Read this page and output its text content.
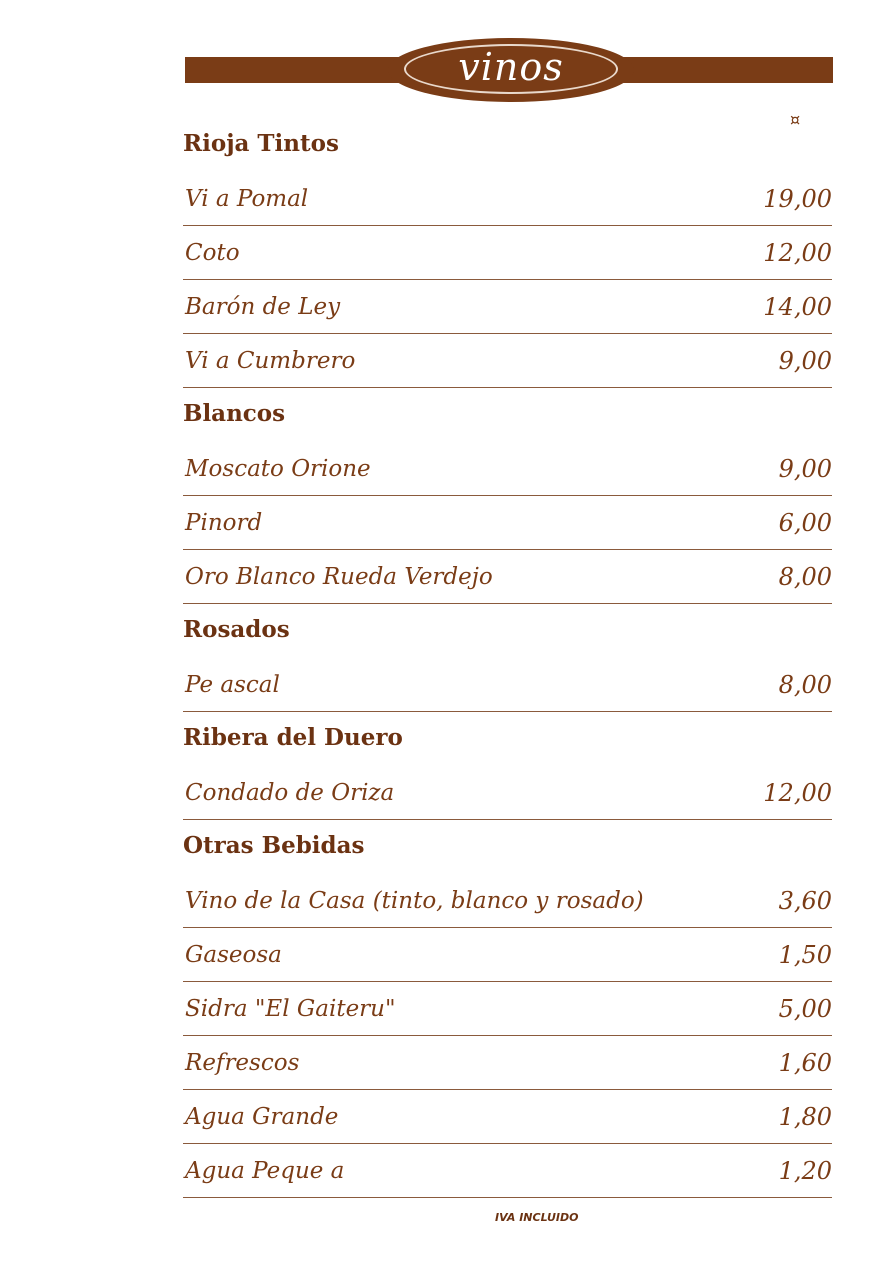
vinos
¤
Rioja Tintos
Vi a Pomal	19,00
Coto	12,00
Barón de Ley	14,00
Vi a Cumbrero	9,00
Blancos
Moscato Orione	9,00
Pinord	6,00
Oro Blanco Rueda Verdejo	8,00
Rosados
Pe ascal	8,00
Ribera del Duero
Condado de Oriza	12,00
Otras Bebidas
Vino de la Casa (tinto, blanco y rosado)	3,60
Gaseosa	1,50
Sidra "El Gaiteru"	5,00
Refrescos	1,60
Agua Grande	1,80
Agua Peque a	1,20
IVA INCLUIDO
